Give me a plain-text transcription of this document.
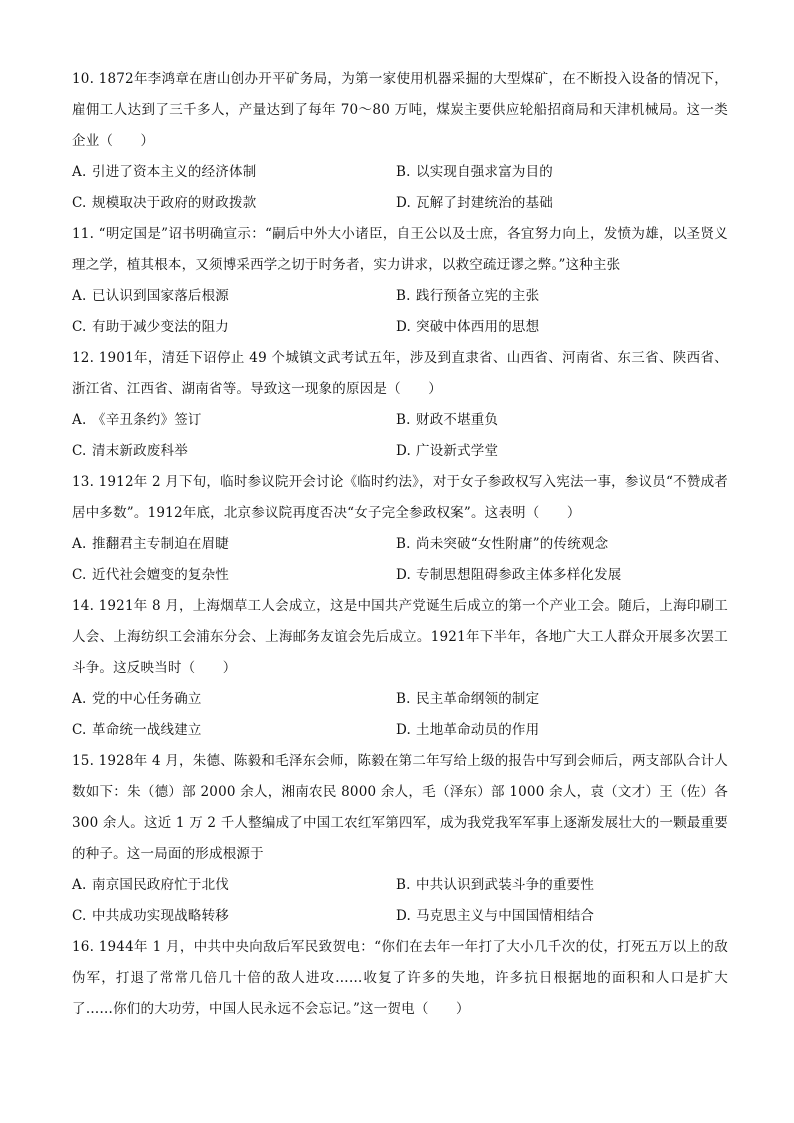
10. 1872年李鸿章在唐山创办开平矿务局，为第一家使用机器采掘的大型煤矿，在不断投入设备的情况下，雇佣工人达到了三千多人，产量达到了每年 70～80 万吨，煤炭主要供应轮船招商局和天津机械局。这一类企业（　　）

A. 引进了资本主义的经济体制	B. 以实现自强求富为目的
C. 规模取决于政府的财政拨款	D. 瓦解了封建统治的基础

11. “明定国是”诏书明确宣示：“嗣后中外大小诸臣，自王公以及士庶，各宜努力向上，发愤为雄，以圣贤义理之学，植其根本，又须博采西学之切于时务者，实力讲求，以救空疏迂谬之弊。”这种主张

A. 已认识到国家落后根源	B. 践行预备立宪的主张
C. 有助于减少变法的阻力	D. 突破中体西用的思想

12. 1901年，清廷下诏停止 49 个城镇文武考试五年，涉及到直隶省、山西省、河南省、东三省、陕西省、浙江省、江西省、湖南省等。导致这一现象的原因是（　　）

A. 《辛丑条约》签订	B. 财政不堪重负
C. 清末新政废科举	D. 广设新式学堂

13. 1912年 2 月下旬，临时参议院开会讨论《临时约法》，对于女子参政权写入宪法一事，参议员“不赞成者居中多数”。1912年底，北京参议院再度否决“女子完全参政权案”。这表明（　　）

A. 推翻君主专制迫在眉睫	B. 尚未突破“女性附庸”的传统观念
C. 近代社会嬗变的复杂性	D. 专制思想阻碍参政主体多样化发展

14. 1921年 8 月，上海烟草工人会成立，这是中国共产党诞生后成立的第一个产业工会。随后，上海印刷工人会、上海纺织工会浦东分会、上海邮务友谊会先后成立。1921年下半年，各地广大工人群众开展多次罢工斗争。这反映当时（　　）

A. 党的中心任务确立	B. 民主革命纲领的制定
C. 革命统一战线建立	D. 土地革命动员的作用

15. 1928年 4 月，朱德、陈毅和毛泽东会师，陈毅在第二年写给上级的报告中写到会师后，两支部队合计人数如下：朱（德）部 2000 余人，湘南农民 8000 余人，毛（泽东）部 1000 余人，袁（文才）王（佐）各 300 余人。这近 1 万 2 千人整编成了中国工农红军第四军，成为我党我军军事上逐渐发展壮大的一颗最重要的种子。这一局面的形成根源于

A. 南京国民政府忙于北伐	B. 中共认识到武装斗争的重要性
C. 中共成功实现战略转移	D. 马克思主义与中国国情相结合

16. 1944年 1 月，中共中央向敌后军民致贺电：“你们在去年一年打了大小几千次的仗，打死五万以上的敌伪军，打退了常常几倍几十倍的敌人进攻……收复了许多的失地，许多抗日根据地的面积和人口是扩大了……你们的大功劳，中国人民永远不会忘记。”这一贺电（　　）
